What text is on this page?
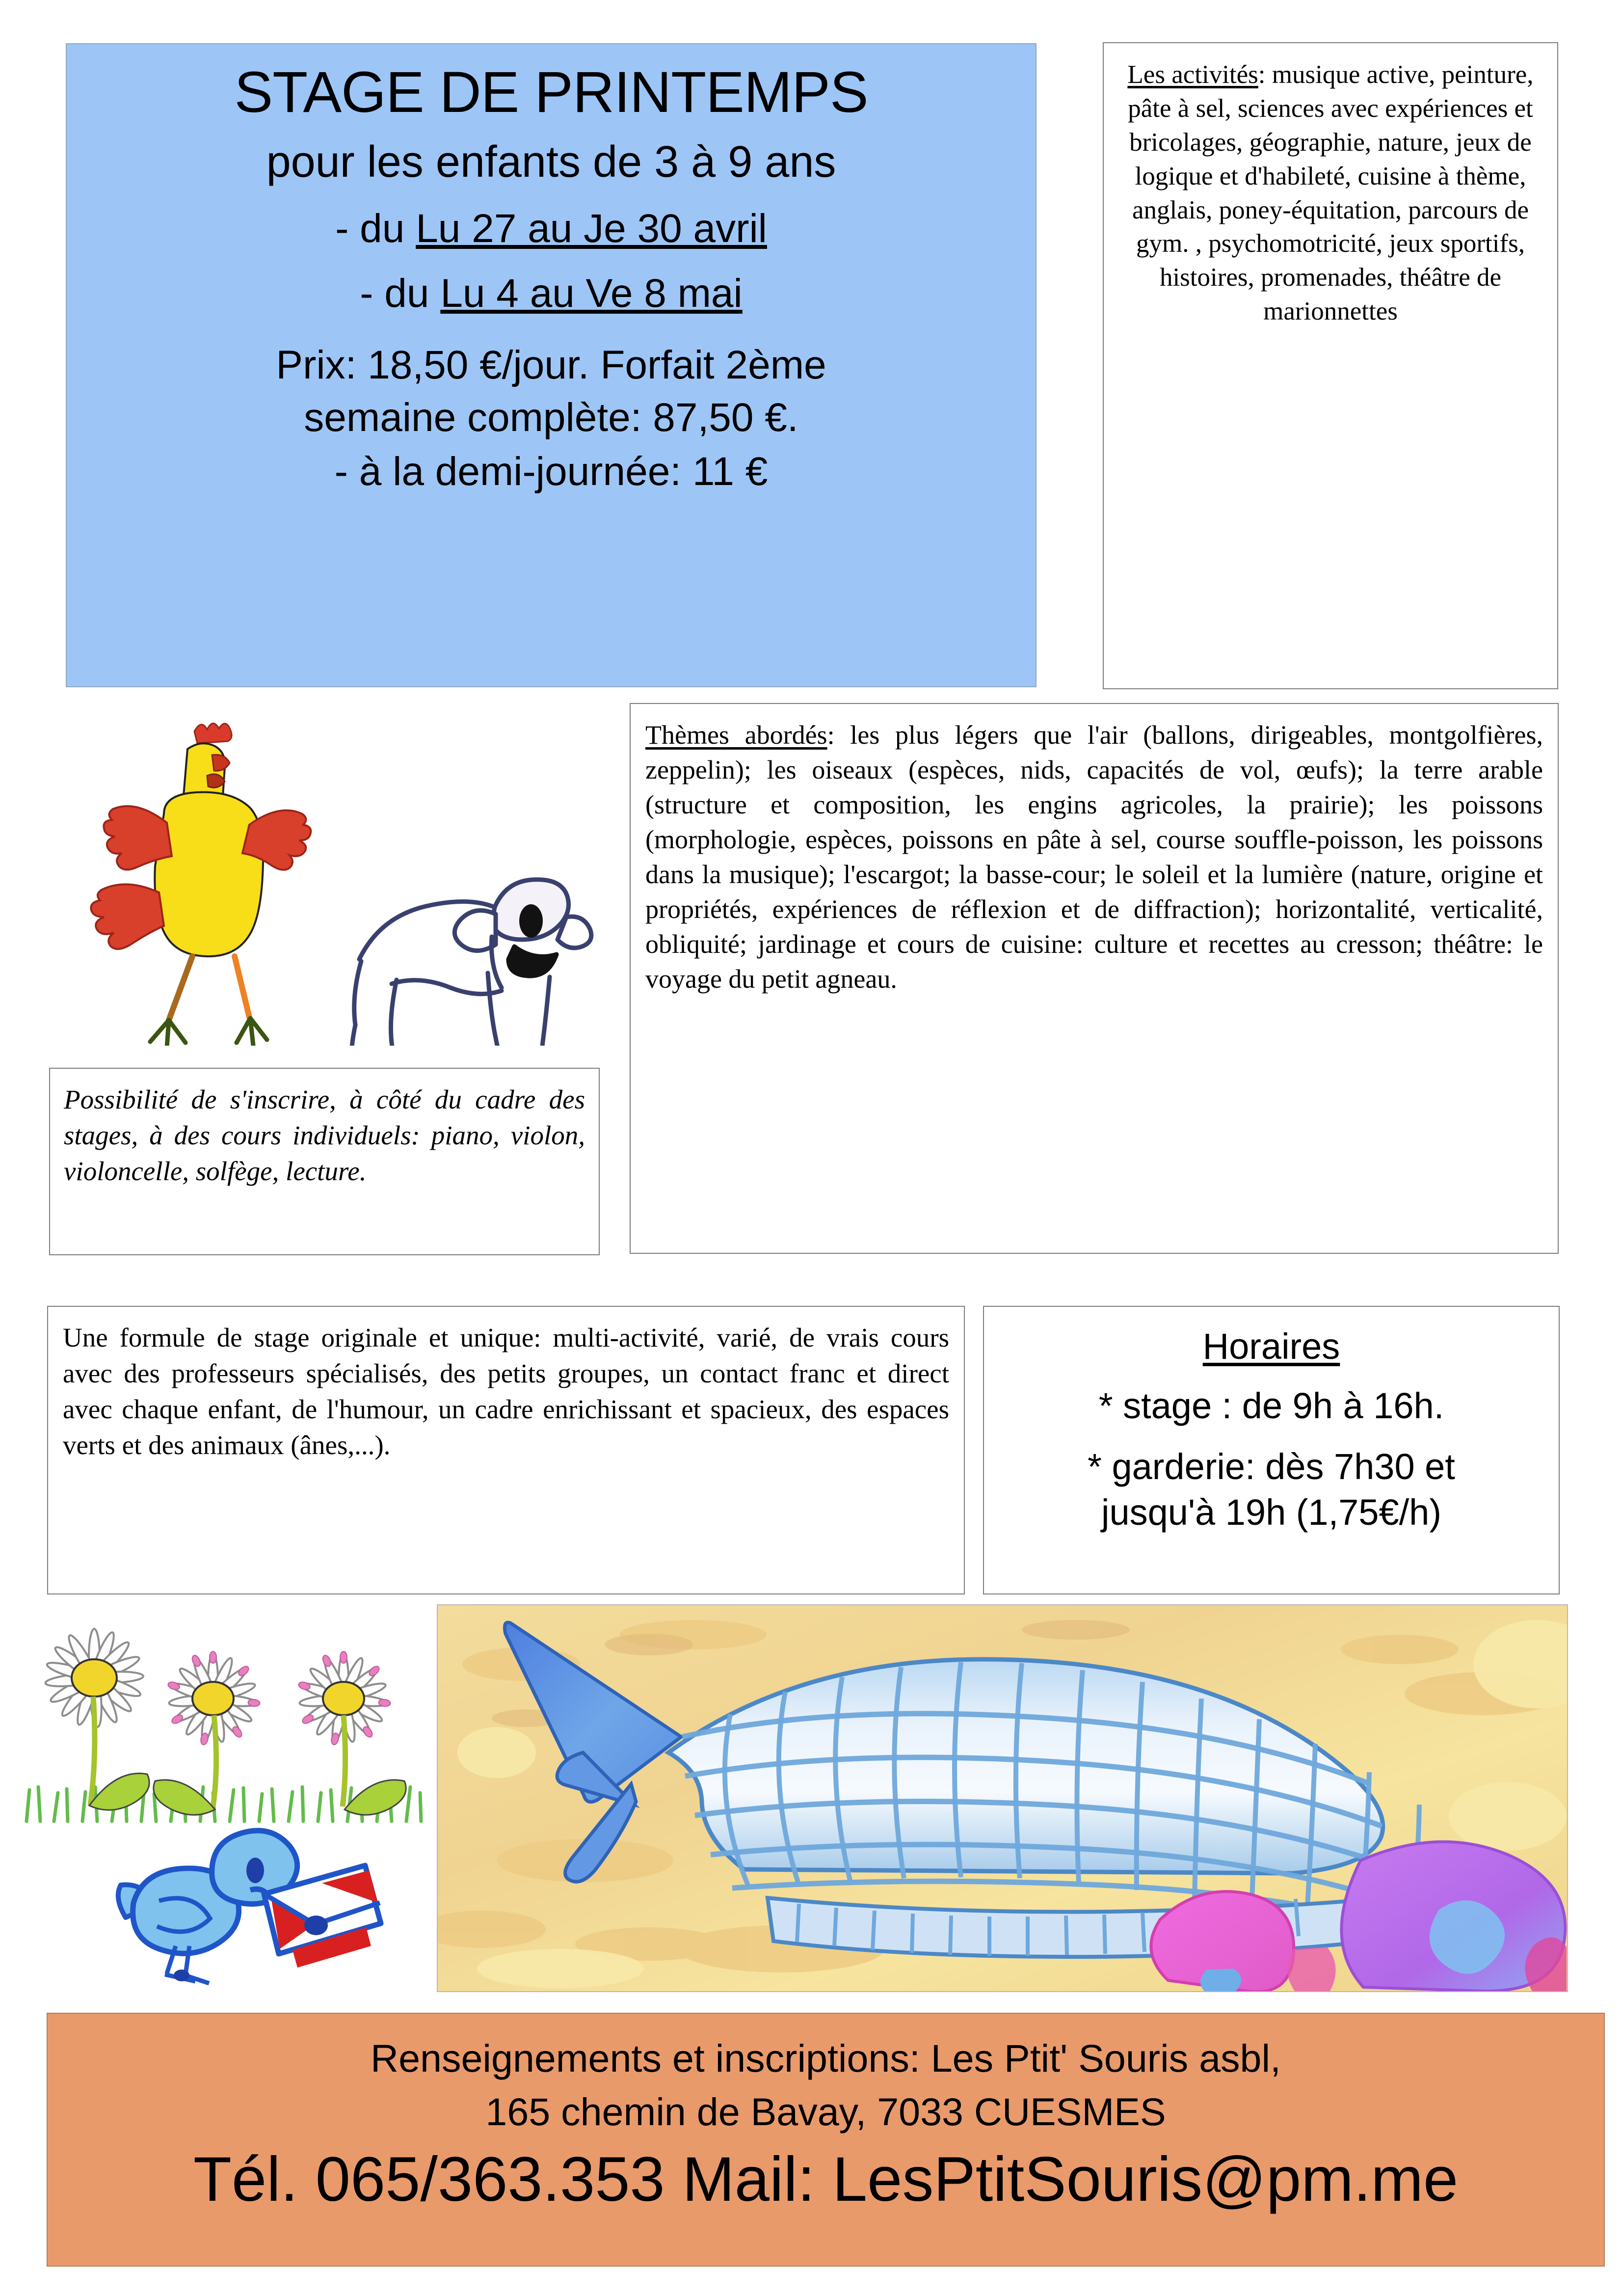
STAGE DE PRINTEMPS
pour les enfants de 3 à 9 ans
- du Lu 27 au Je 30 avril
- du Lu 4 au Ve 8 mai
Prix: 18,50 €/jour. Forfait 2ème
semaine complète: 87,50 €.
- à la demi-journée: 11 €
Les activités: musique active, peinture, pâte à sel, sciences avec expériences et bricolages, géographie, nature, jeux de logique et d'habileté, cuisine à thème, anglais, poney-équitation, parcours de gym. , psychomotricité, jeux sportifs, histoires, promenades, théâtre de marionnettes
Thèmes abordés: les plus légers que l'air (ballons, dirigeables, montgolfières, zeppelin); les oiseaux (espèces, nids, capacités de vol, œufs); la terre arable (structure et composition, les engins agricoles, la prairie); les poissons (morphologie, espèces, poissons en pâte à sel, course souffle-poisson, les poissons dans la musique); l'escargot; la basse-cour; le soleil et la lumière (nature, origine et propriétés, expériences de réflexion et de diffraction); horizontalité, verticalité, obliquité; jardinage et cours de cuisine: culture et recettes au cresson; théâtre: le voyage du petit agneau.
Possibilité de s'inscrire, à côté du cadre des stages, à des cours individuels: piano, violon, violoncelle, solfège, lecture.
Une formule de stage originale et unique: multi-activité, varié, de vrais cours avec des professeurs spécialisés, des petits groupes, un contact franc et direct avec chaque enfant, de l'humour, un cadre enrichissant et spacieux, des espaces verts et des animaux (ânes,...).
Horaires
* stage : de 9h à 16h.
* garderie: dès 7h30 et
jusqu'à 19h (1,75€/h)
Renseignements et inscriptions: Les Ptit' Souris asbl,
165 chemin de Bavay, 7033 CUESMES
Tél. 065/363.353 Mail: LesPtitSouris@pm.me
